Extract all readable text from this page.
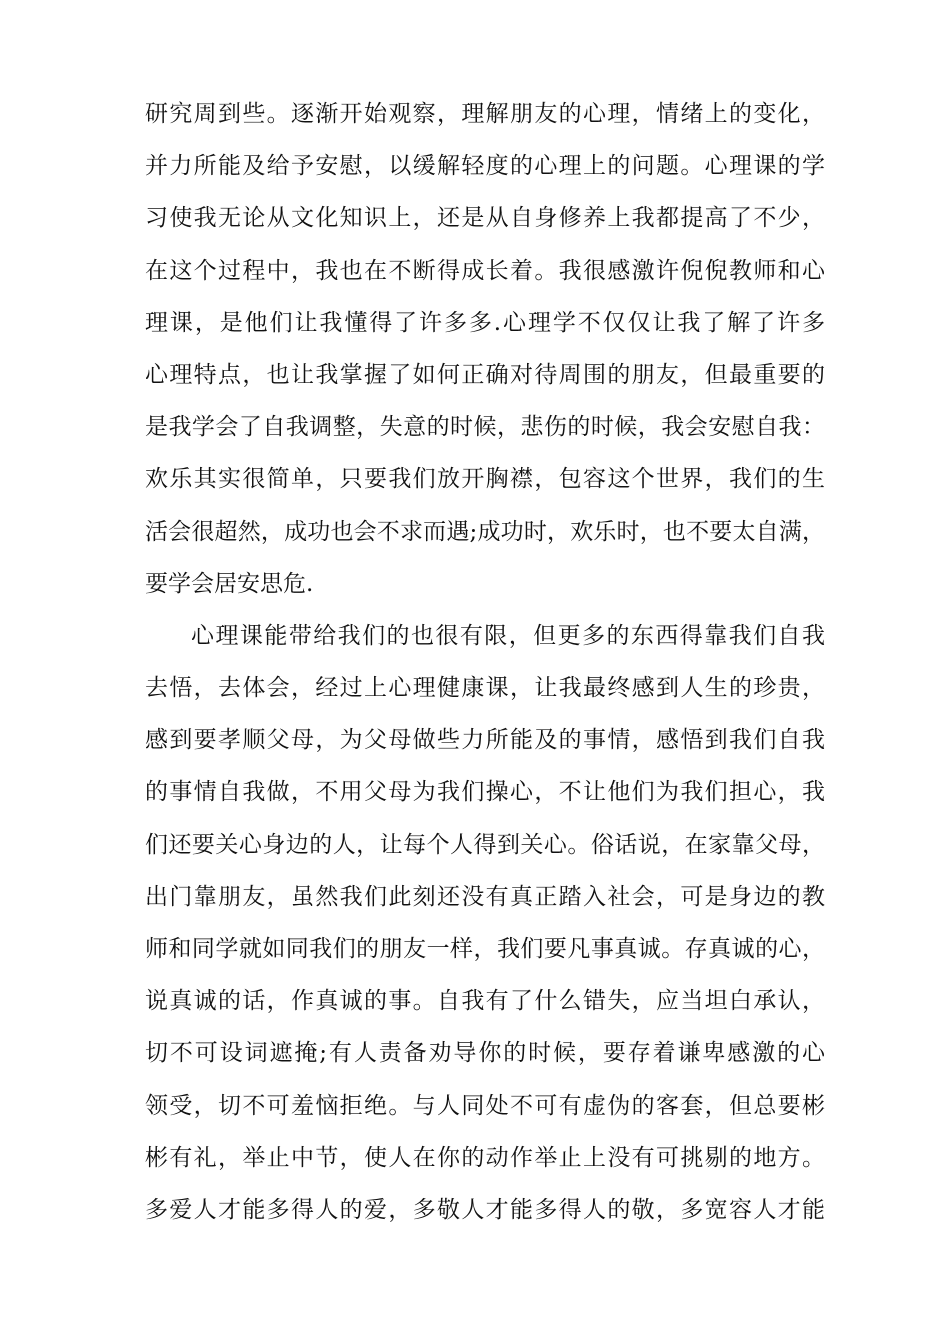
研究周到些。逐渐开始观察，理解朋友的心理，情绪上的变化，
并力所能及给予安慰，以缓解轻度的心理上的问题。心理课的学
习使我无论从文化知识上，还是从自身修养上我都提高了不少，
在这个过程中，我也在不断得成长着。我很感激许倪倪教师和心
理课，是他们让我懂得了许多多.心理学不仅仅让我了解了许多
心理特点，也让我掌握了如何正确对待周围的朋友，但最重要的
是我学会了自我调整，失意的时候，悲伤的时候，我会安慰自我：
欢乐其实很简单，只要我们放开胸襟，包容这个世界，我们的生
活会很超然，成功也会不求而遇;成功时，欢乐时，也不要太自满，
要学会居安思危.
心理课能带给我们的也很有限，但更多的东西得靠我们自我
去悟，去体会，经过上心理健康课，让我最终感到人生的珍贵，
感到要孝顺父母，为父母做些力所能及的事情，感悟到我们自我
的事情自我做，不用父母为我们操心，不让他们为我们担心，我
们还要关心身边的人，让每个人得到关心。俗话说，在家靠父母，
出门靠朋友，虽然我们此刻还没有真正踏入社会，可是身边的教
师和同学就如同我们的朋友一样，我们要凡事真诚。存真诚的心，
说真诚的话，作真诚的事。自我有了什么错失，应当坦白承认，
切不可设词遮掩;有人责备劝导你的时候，要存着谦卑感激的心
领受，切不可羞恼拒绝。与人同处不可有虚伪的客套，但总要彬
彬有礼，举止中节，使人在你的动作举止上没有可挑剔的地方。
多爱人才能多得人的爱，多敬人才能多得人的敬，多宽容人才能
